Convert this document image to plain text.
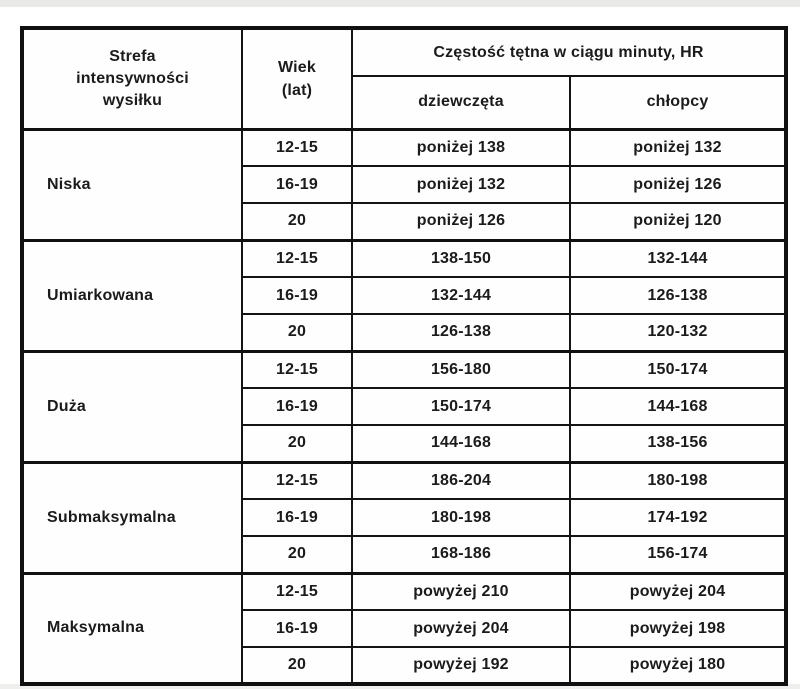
Strefa intensywności wysiłku	Wiek (lat)	Częstość tętna w ciągu minuty, HR	
		dziewczęta	chłopcy
Niska	12-15	poniżej 138	poniżej 132
	16-19	poniżej 132	poniżej 126
	20	poniżej 126	poniżej 120
Umiarkowana	12-15	138-150	132-144
	16-19	132-144	126-138
	20	126-138	120-132
Duża	12-15	156-180	150-174
	16-19	150-174	144-168
	20	144-168	138-156
Submaksymalna	12-15	186-204	180-198
	16-19	180-198	174-192
	20	168-186	156-174
Maksymalna	12-15	powyżej 210	powyżej 204
	16-19	powyżej 204	powyżej 198
	20	powyżej 192	powyżej 180
